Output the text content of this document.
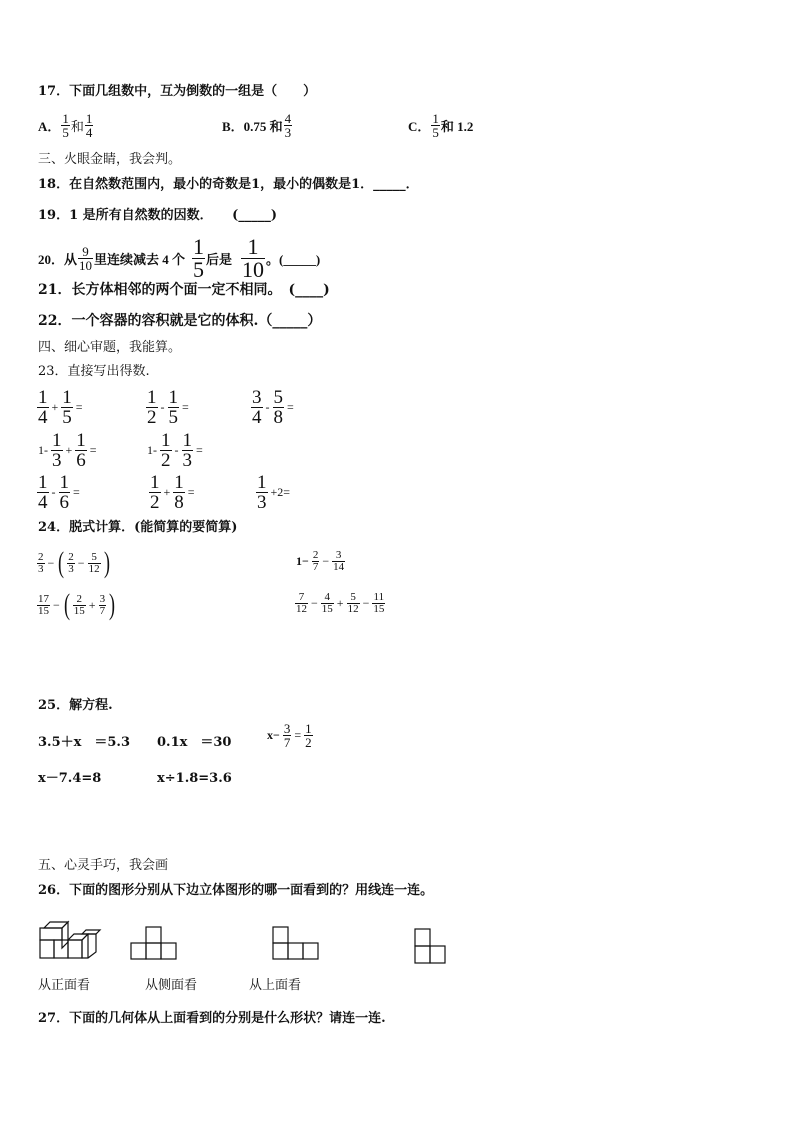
17．下面几组数中，互为倒数的一组是（　　）
A．
1
5 和
1
4	B．0.75 和
4
3	C．
1
5 和 1.2
三、火眼金睛，我会判。
18．在自然数范围内，最小的奇数是1，最小的偶数是1．_____．
19．1 是所有自然数的因数．　　(_____)
20．从
9
10 里连续减去 4 个
1
5 后是
1
10 。(_____)
21．长方体相邻的两个面一定不相同。　(____)
22．一个容器的容积就是它的体积.（_____）
四、细心审题，我能算。
23．直接写出得数.
1
4 + 1
5 =	1
2 - 1
5 =	3
4 - 5
8 =
1- 1
3 + 1
6 =	1- 1
2 - 1
3 =
1
4 - 1
6 =	1
2 + 1
8 =	1
3 +2=
24．脱式计算．(能简算的要简算)
2
3 − ( 2
3 − 5
12 )	1− 2
7 − 3
14
17
15 − ( 2
15 + 3
7 )	7
12 − 4
15 + 5
12 − 11
15
25．解方程.
3.5＋x　＝5.3 0.1x　＝30	x− 3
7 = 1
2
x－7.4=8	x÷1.8=3.6
五、心灵手巧，我会画
26．下面的图形分别从下边立体图形的哪一面看到的？用线连一连。
从正面看	从侧面看	从上面看
27．下面的几何体从上面看到的分别是什么形状？请连一连.
